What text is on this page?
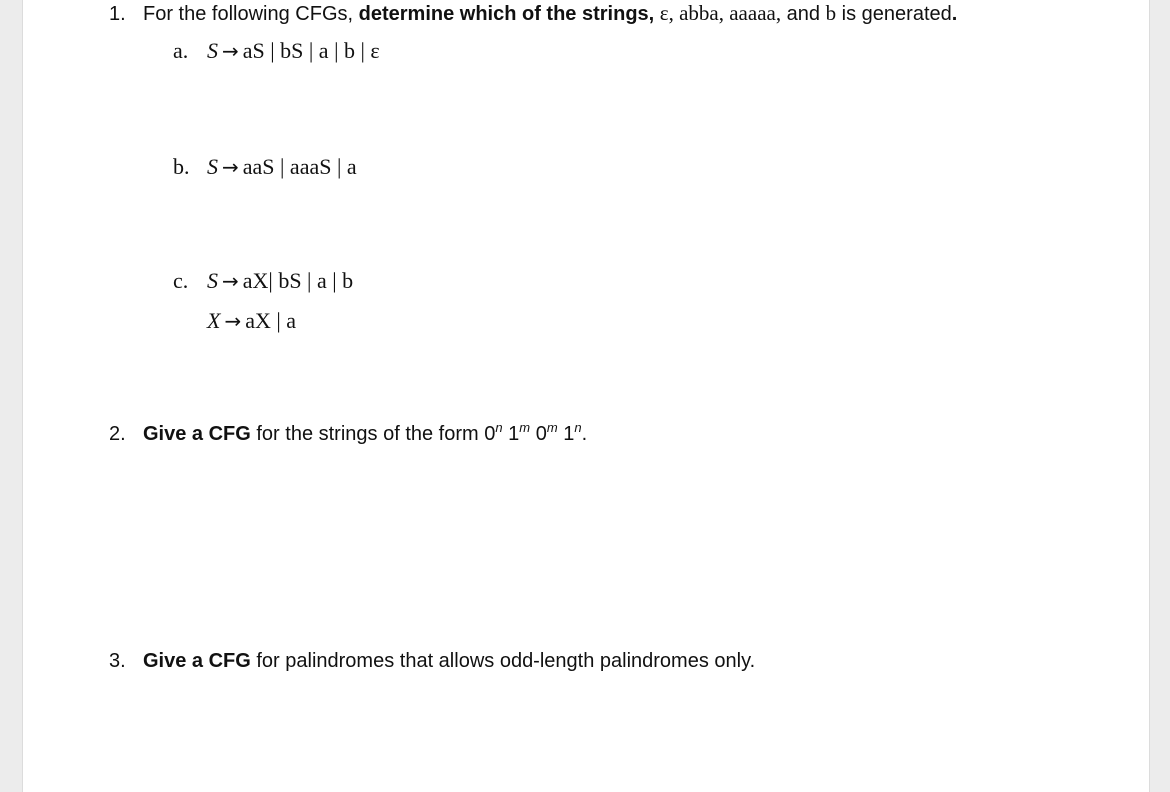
1. For the following CFGs, determine which of the strings, ε, abba, aaaaa, and b is generated.
a. S → aS | bS | a | b | ε
b. S → aaS | aaaS | a
c. S → aX| bS | a | b
X → aX | a
2. Give a CFG for the strings of the form 0$^n$ 1$^m$ 0$^m$ 1$^n$.
3. Give a CFG for palindromes that allows odd-length palindromes only.
